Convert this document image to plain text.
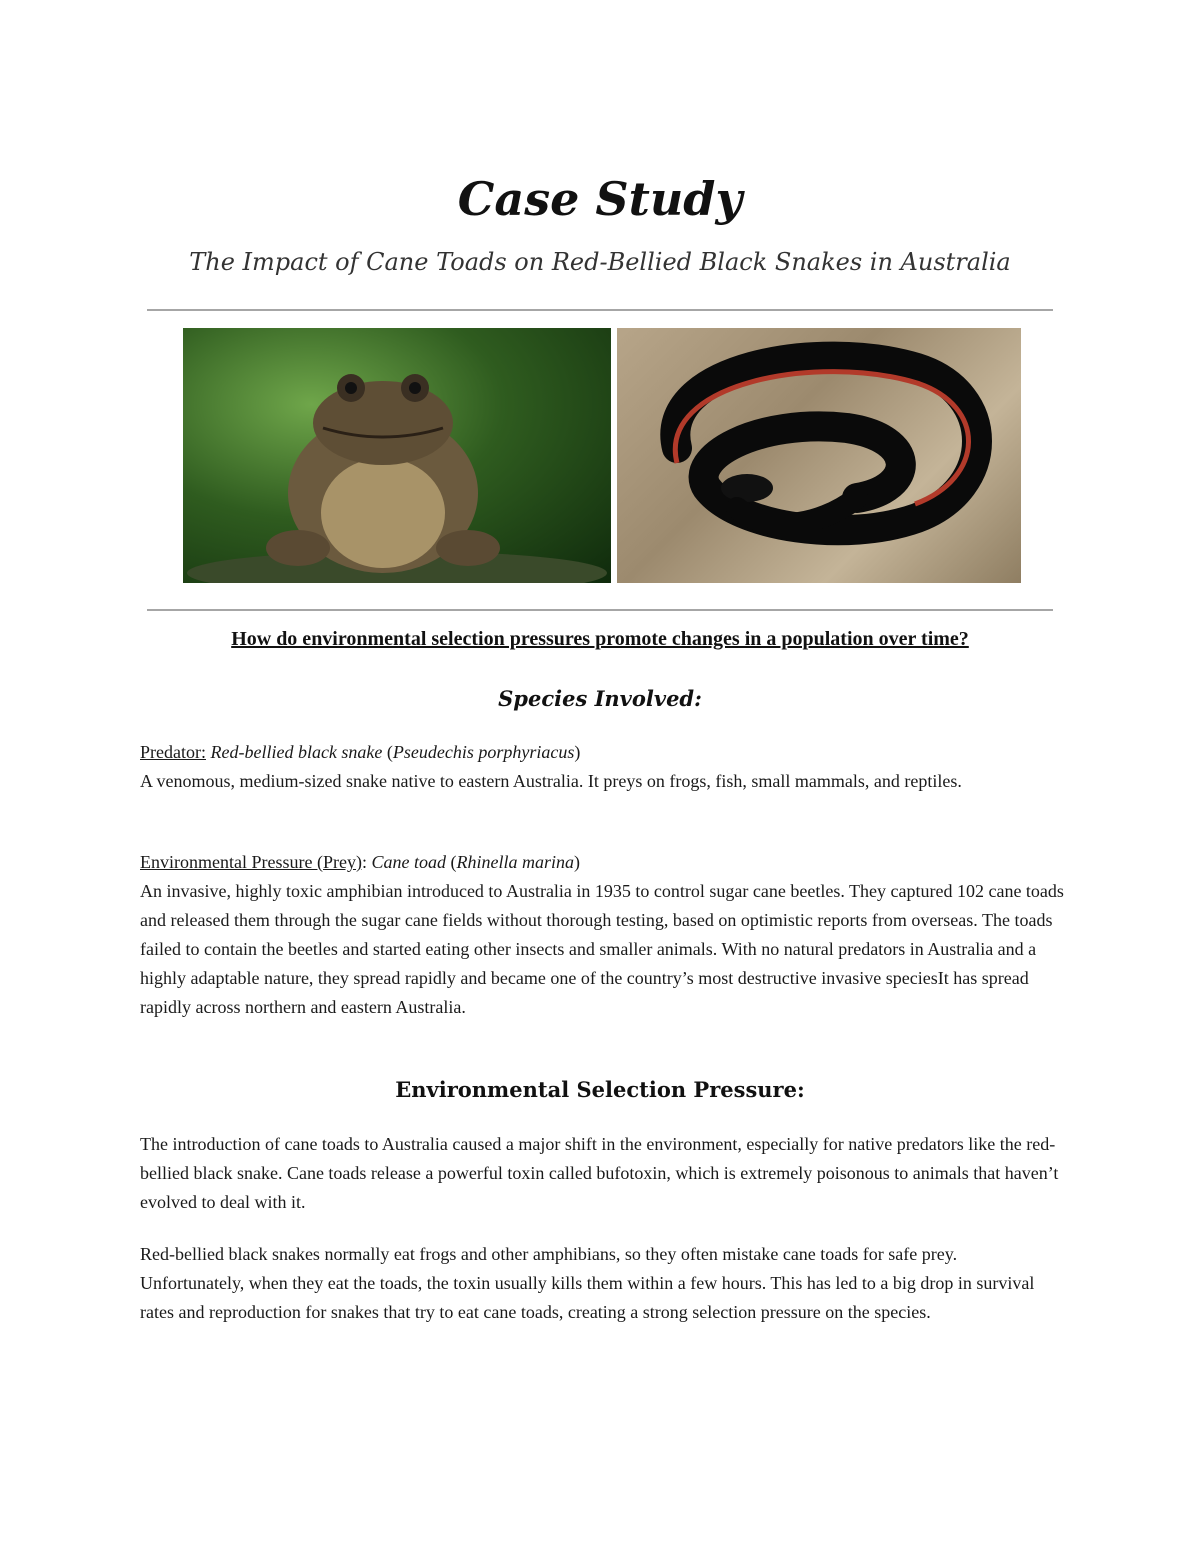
Case Study
The Impact of Cane Toads on Red-Bellied Black Snakes in Australia
How do environmental selection pressures promote changes in a population over time?
Species Involved:
Predator: Red-bellied black snake (Pseudechis porphyriacus)
A venomous, medium-sized snake native to eastern Australia. It preys on frogs, fish, small mammals, and reptiles.
Environmental Pressure (Prey): Cane toad (Rhinella marina)
An invasive, highly toxic amphibian introduced to Australia in 1935 to control sugar cane beetles. They captured 102 cane toads and released them through the sugar cane fields without thorough testing, based on optimistic reports from overseas. The toads failed to contain the beetles and started eating other insects and smaller animals. With no natural predators in Australia and a highly adaptable nature, they spread rapidly and became one of the country’s most destructive invasive speciesIt has spread rapidly across northern and eastern Australia.
Environmental Selection Pressure:
The introduction of cane toads to Australia caused a major shift in the environment, especially for native predators like the red-bellied black snake. Cane toads release a powerful toxin called bufotoxin, which is extremely poisonous to animals that haven’t evolved to deal with it.
Red-bellied black snakes normally eat frogs and other amphibians, so they often mistake cane toads for safe prey. Unfortunately, when they eat the toads, the toxin usually kills them within a few hours. This has led to a big drop in survival rates and reproduction for snakes that try to eat cane toads, creating a strong selection pressure on the species.
